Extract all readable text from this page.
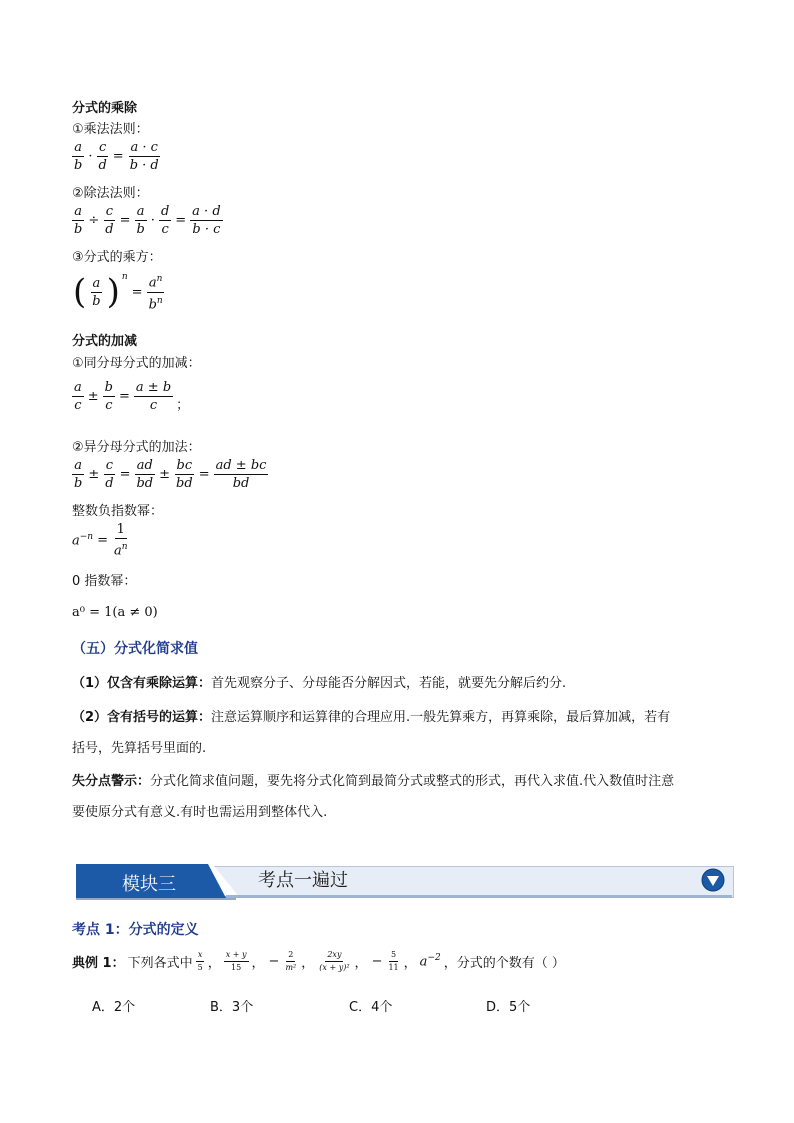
分式的乘除
①乘法法则：
$\frac{a}{b} \cdot \frac{c}{d} = \frac{a \cdot c}{b \cdot d}$
②除法法则：
$\frac{a}{b} \div \frac{c}{d} = \frac{a}{b} \cdot \frac{d}{c} = \frac{a \cdot d}{b \cdot c}$
③分式的乘方：
( $\frac{a}{b}$ ) n
= $\frac{a^n}{b^n}$
分式的加减
①同分母分式的加减：
$\frac{a}{c} \pm \frac{b}{c} = \frac{a \pm b}{c}$ ；
②异分母分式的加法：
$\frac{a}{b} \pm \frac{c}{d} = \frac{ad}{bd} \pm \frac{bc}{bd} = \frac{ad \pm bc}{bd}$
整数负指数幂：
$a^{-n} = \frac{1}{a^n}$
0 指数幂：
a⁰ = 1(a ≠ 0)
（五）分式化简求值
（1）仅含有乘除运算：首先观察分子、分母能否分解因式，若能，就要先分解后约分.
（2）含有括号的运算：注意运算顺序和运算律的合理应用.一般先算乘方，再算乘除，最后算加减，若有
括号，先算括号里面的.
失分点警示：分式化简求值问题，要先将分式化简到最简分式或整式的形式，再代入求值.代入数值时注意
要使原分式有意义.有时也需运用到整体代入.
模块三	考点一遍过
考点 1：分式的定义
典例 1： 下列各式中 $\frac{x}{5}$ ， $\frac{x + y}{15}$ ， − $\frac{2}{\text{m²}}$ ， $\frac{2xy}{\text{(x + y)²}}$ ， − $\frac{5}{11}$ ， $a^{-2}$ ，分式的个数有（ ）
A．2个	B．3个	C．4个	D．5个
